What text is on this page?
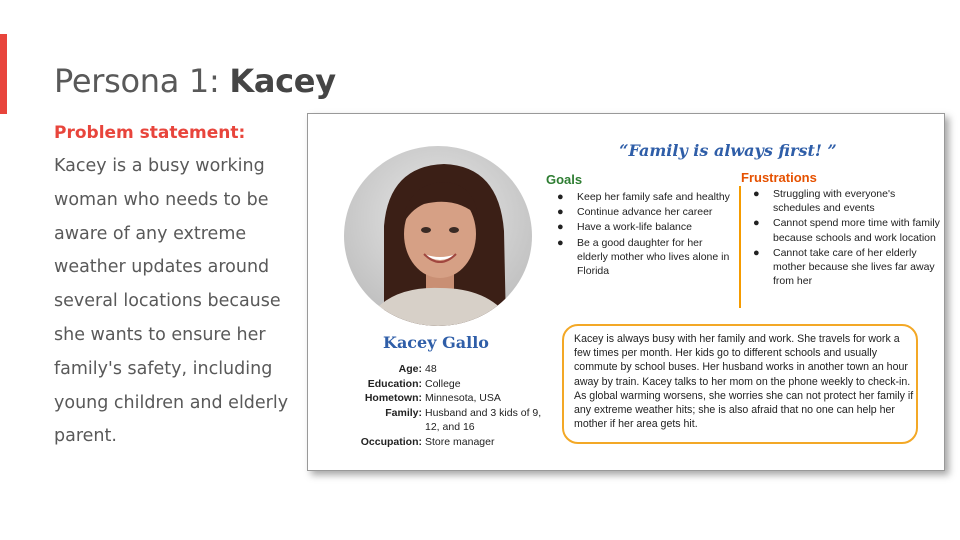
Persona 1: Kacey
Problem statement:
Kacey is a busy working woman who needs to be aware of any extreme weather updates around several locations because she wants to ensure her family's safety, including young children and elderly parent.
Kacey Gallo
Age: 48
Education: College
Hometown: Minnesota, USA
Family: Husband and 3 kids of 9, 12, and 16
Occupation: Store manager
“Family is always first! ”
Goals
● Keep her family safe and healthy
● Continue advance her career
● Have a work-life balance
● Be a good daughter for her elderly mother who lives alone in Florida
Frustrations
● Struggling with everyone's schedules and events
● Cannot spend more time with family because schools and work location
● Cannot take care of her elderly mother because she lives far away from her
Kacey is always busy with her family and work. She travels for work a few times per month. Her kids go to different schools and usually commute by school buses. Her husband works in another town an hour away by train. Kacey talks to her mom on the phone weekly to check-in.
As global warming worsens, she worries she can not protect her family if any extreme weather hits; she is also afraid that no one can help her mother if her area gets hit.
